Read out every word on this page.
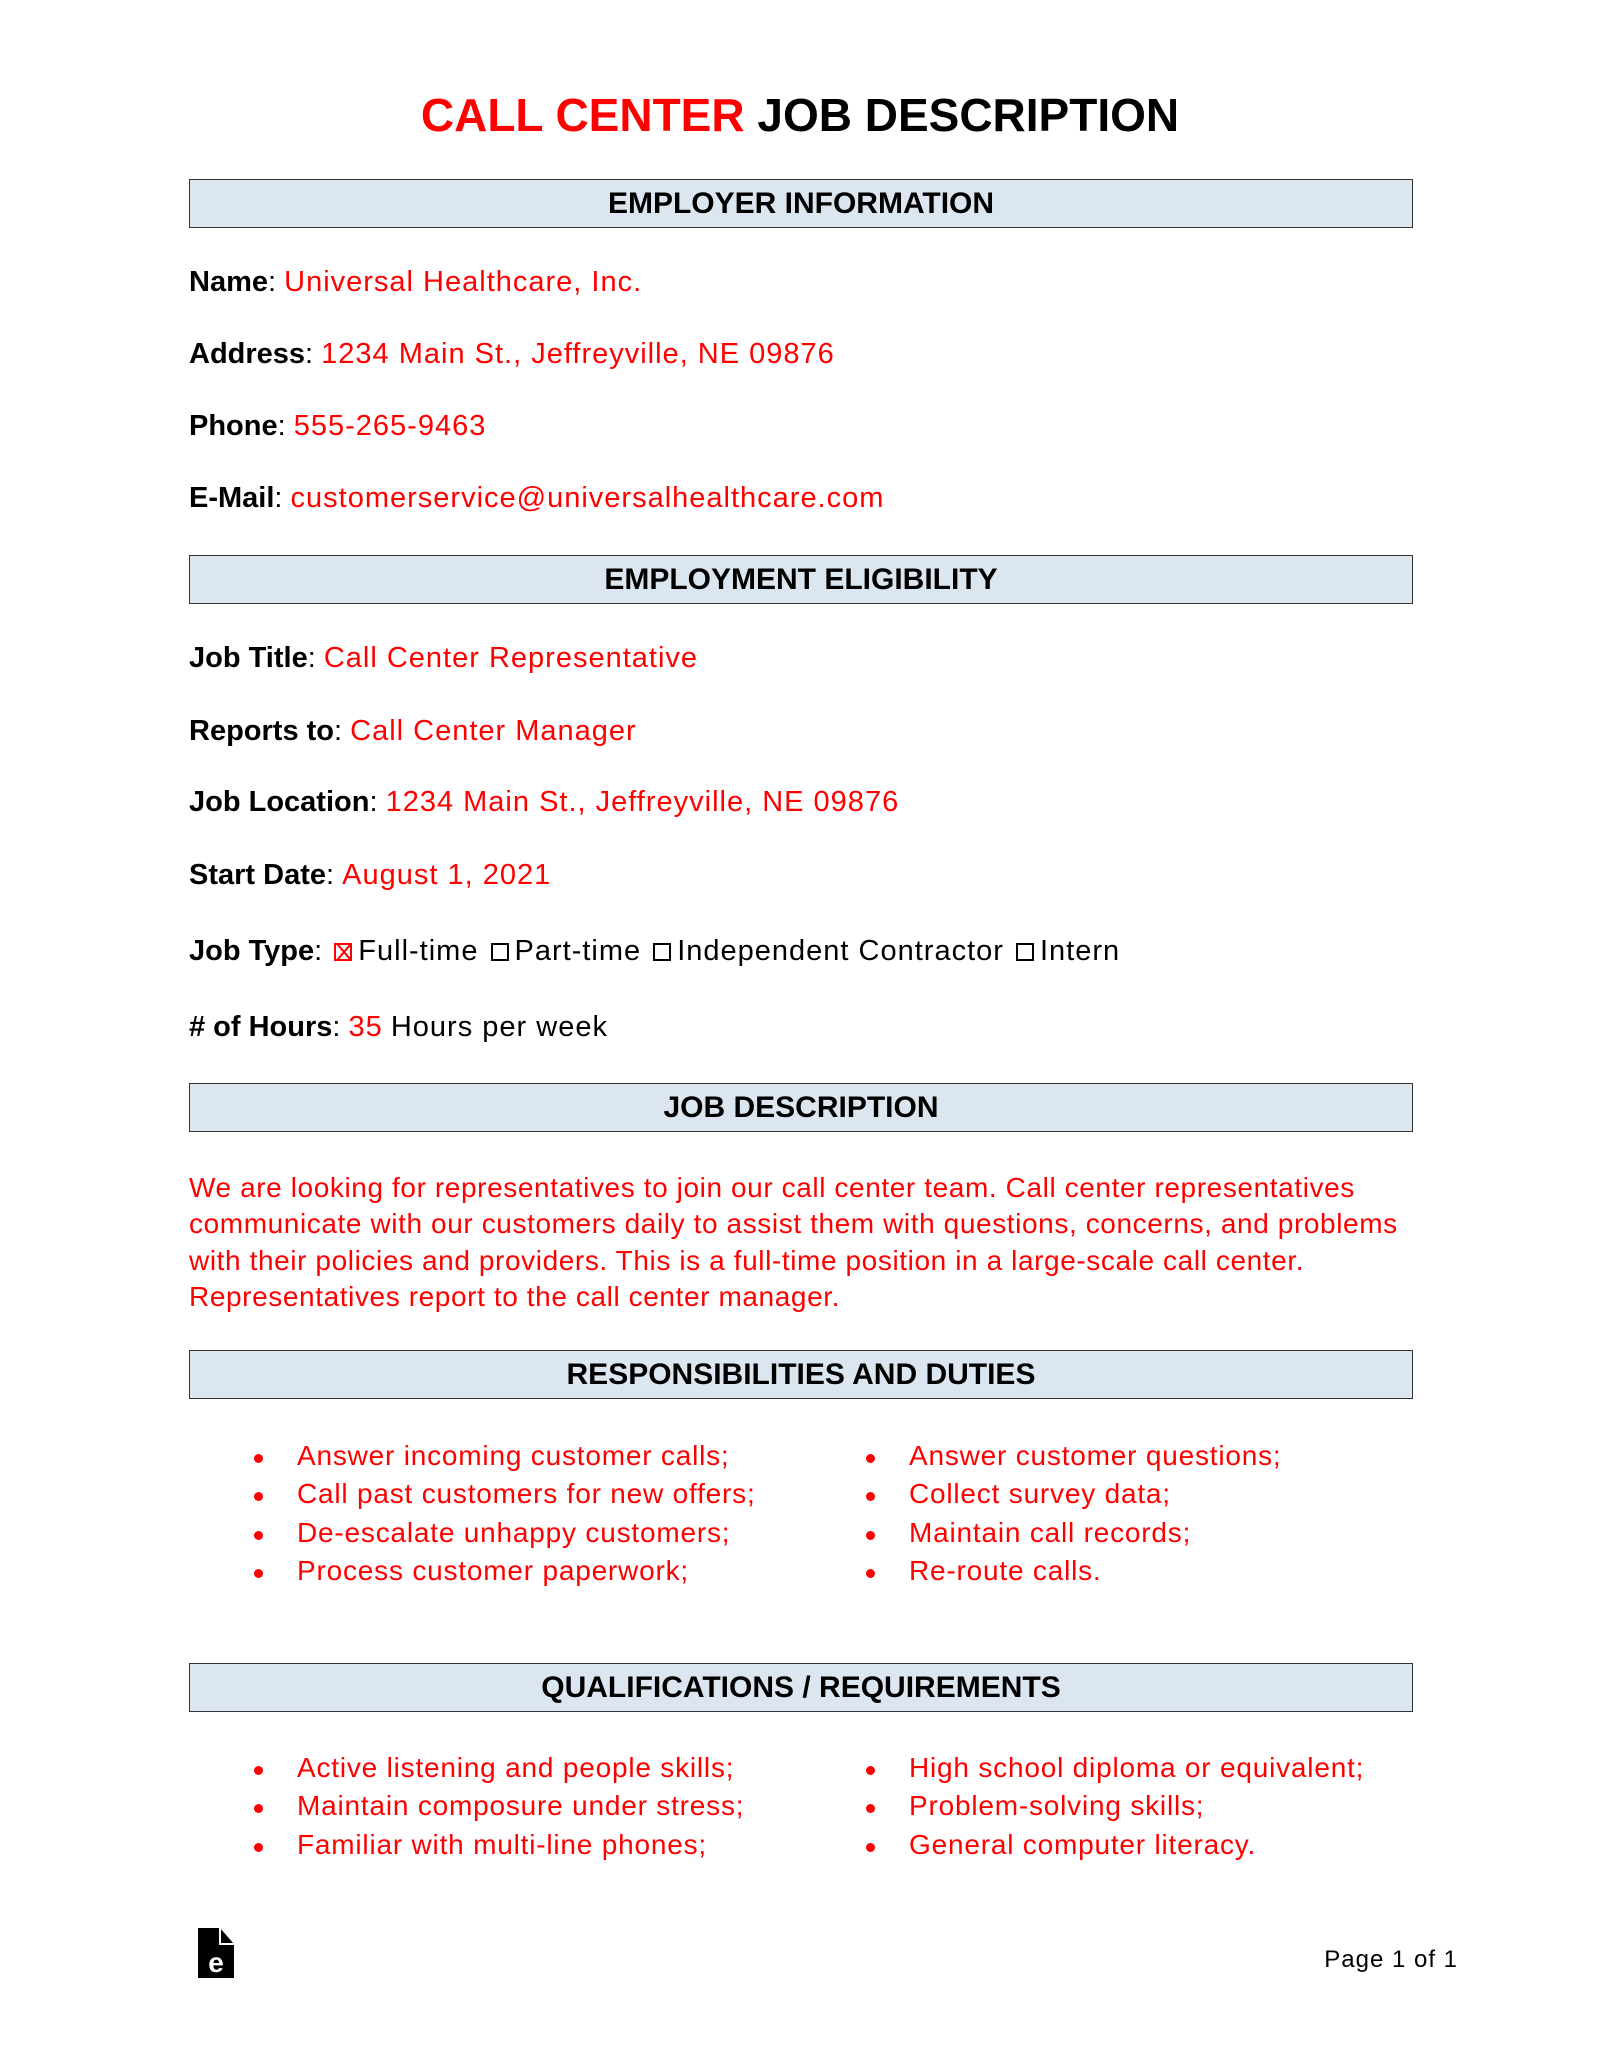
CALL CENTER JOB DESCRIPTION
EMPLOYER INFORMATION
Name: Universal Healthcare, Inc.
Address: 1234 Main St., Jeffreyville, NE 09876
Phone: 555-265-9463
E-Mail: customerservice@universalhealthcare.com
EMPLOYMENT ELIGIBILITY
Job Title: Call Center Representative
Reports to: Call Center Manager
Job Location: 1234 Main St., Jeffreyville, NE 09876
Start Date: August 1, 2021
Job Type: Full-time Part-time Independent Contractor Intern
# of Hours: 35 Hours per week
JOB DESCRIPTION
We are looking for representatives to join our call center team. Call center representatives communicate with our customers daily to assist them with questions, concerns, and problems with their policies and providers. This is a full-time position in a large-scale call center. Representatives report to the call center manager.
RESPONSIBILITIES AND DUTIES
Answer incoming customer calls;
Call past customers for new offers;
De-escalate unhappy customers;
Process customer paperwork;
Answer customer questions;
Collect survey data;
Maintain call records;
Re-route calls.
QUALIFICATIONS / REQUIREMENTS
Active listening and people skills;
Maintain composure under stress;
Familiar with multi-line phones;
High school diploma or equivalent;
Problem-solving skills;
General computer literacy.
e	Page 1 of 1
